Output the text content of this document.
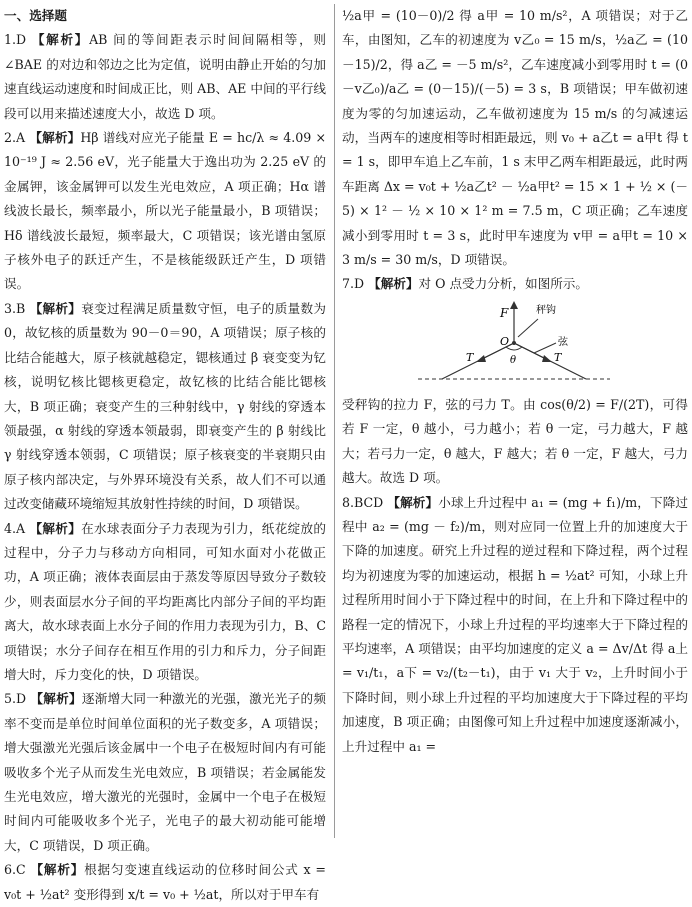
一、选择题
1.D 【解析】AB 间的等间距表示时间间隔相等，则∠BAE 的对边和邻边之比为定值，说明由静止开始的匀加速直线运动速度和时间成正比，则 AB、AE 中间的平行线段可以用来描述速度大小，故选 D 项。
2.A 【解析】Hβ 谱线对应光子能量 E = hc/λ ≈ 4.09 × 10⁻¹⁹ J ≈ 2.56 eV，光子能量大于逸出功为 2.25 eV 的金属钾，该金属钾可以发生光电效应，A 项正确；Hα 谱线波长最长，频率最小，所以光子能量最小，B 项错误；Hδ 谱线波长最短，频率最大，C 项错误；该光谱由氢原子核外电子的跃迁产生，不是核能级跃迁产生，D 项错误。
3.B 【解析】衰变过程满足质量数守恒，电子的质量数为 0，故钇核的质量数为 90－0＝90，A 项错误；原子核的比结合能越大，原子核就越稳定，锶核通过 β 衰变变为钇核，说明钇核比锶核更稳定，故钇核的比结合能比锶核大，B 项正确；衰变产生的三种射线中，γ 射线的穿透本领最强，α 射线的穿透本领最弱，即衰变产生的 β 射线比 γ 射线穿透本领弱，C 项错误；原子核衰变的半衰期只由原子核内部决定，与外界环境没有关系，故人们不可以通过改变储藏环境缩短其放射性持续的时间，D 项错误。
4.A 【解析】在水球表面分子力表现为引力，纸花绽放的过程中，分子力与移动方向相同，可知水面对小花做正功，A 项正确；液体表面层由于蒸发等原因导致分子数较少，则表面层水分子间的平均距离比内部分子间的平均距离大，故水球表面上水分子间的作用力表现为引力，B、C 项错误；水分子间存在相互作用的引力和斥力，分子间距增大时，斥力变化的快，D 项错误。
5.D 【解析】逐渐增大同一种激光的光强，激光光子的频率不变而是单位时间单位面积的光子数变多，A 项错误；增大强激光光强后该金属中一个电子在极短时间内有可能吸收多个光子从而发生光电效应，B 项错误；若金属能发生光电效应，增大激光的光强时，金属中一个电子在极短时间内可能吸收多个光子，光电子的最大初动能可能增大，C 项错误，D 项正确。
6.C 【解析】根据匀变速直线运动的位移时间公式 x = v₀t + ½at² 变形得到 x/t = v₀ + ½at，所以对于甲车有
½a甲 = (10－0)/2 得 a甲 = 10 m/s²，A 项错误；对于乙车，由图知，乙车的初速度为 v乙₀ = 15 m/s，½a乙 = (10－15)/2，得 a乙 = －5 m/s²，乙车速度减小到零用时 t = (0－v乙₀)/a乙 = (0－15)/(－5) = 3 s，B 项错误；甲车做初速度为零的匀加速运动，乙车做初速度为 15 m/s 的匀减速运动，当两车的速度相等时相距最远，则 v₀ + a乙t = a甲t 得 t = 1 s，即甲车追上乙车前，1 s 末甲乙两车相距最远，此时两车距离 Δx = v₀t + ½a乙t² － ½a甲t² = 15 × 1 + ½ × (－5) × 1² － ½ × 10 × 1² m = 7.5 m，C 项正确；乙车速度减小到零用时 t = 3 s，此时甲车速度为 v甲 = a甲t = 10 × 3 m/s = 30 m/s，D 项错误。
7.D 【解析】对 O 点受力分析，如图所示。
F
O
θ
T	T
秤钩
弦
受秤钩的拉力 F，弦的弓力 T。由 cos(θ/2) = F/(2T)，可得若 F 一定，θ 越小，弓力越小；若 θ 一定，弓力越大，F 越大；若弓力一定，θ 越大，F 越大；若 θ 一定，F 越大，弓力越大。故选 D 项。
8.BCD 【解析】小球上升过程中 a₁ = (mg + f₁)/m，下降过程中 a₂ = (mg － f₂)/m，则对应同一位置上升的加速度大于下降的加速度。研究上升过程的逆过程和下降过程，两个过程均为初速度为零的加速运动，根据 h = ½at² 可知，小球上升过程所用时间小于下降过程中的时间，在上升和下降过程中的路程一定的情况下，小球上升过程的平均速率大于下降过程的平均速率，A 项错误；由平均加速度的定义 a = Δv/Δt 得 a上 = v₁/t₁，a下 = v₂/(t₂－t₁)，由于 v₁ 大于 v₂，上升时间小于下降时间，则小球上升过程的平均加速度大于下降过程的平均加速度，B 项正确；由图像可知上升过程中加速度逐渐减小，上升过程中 a₁ =
